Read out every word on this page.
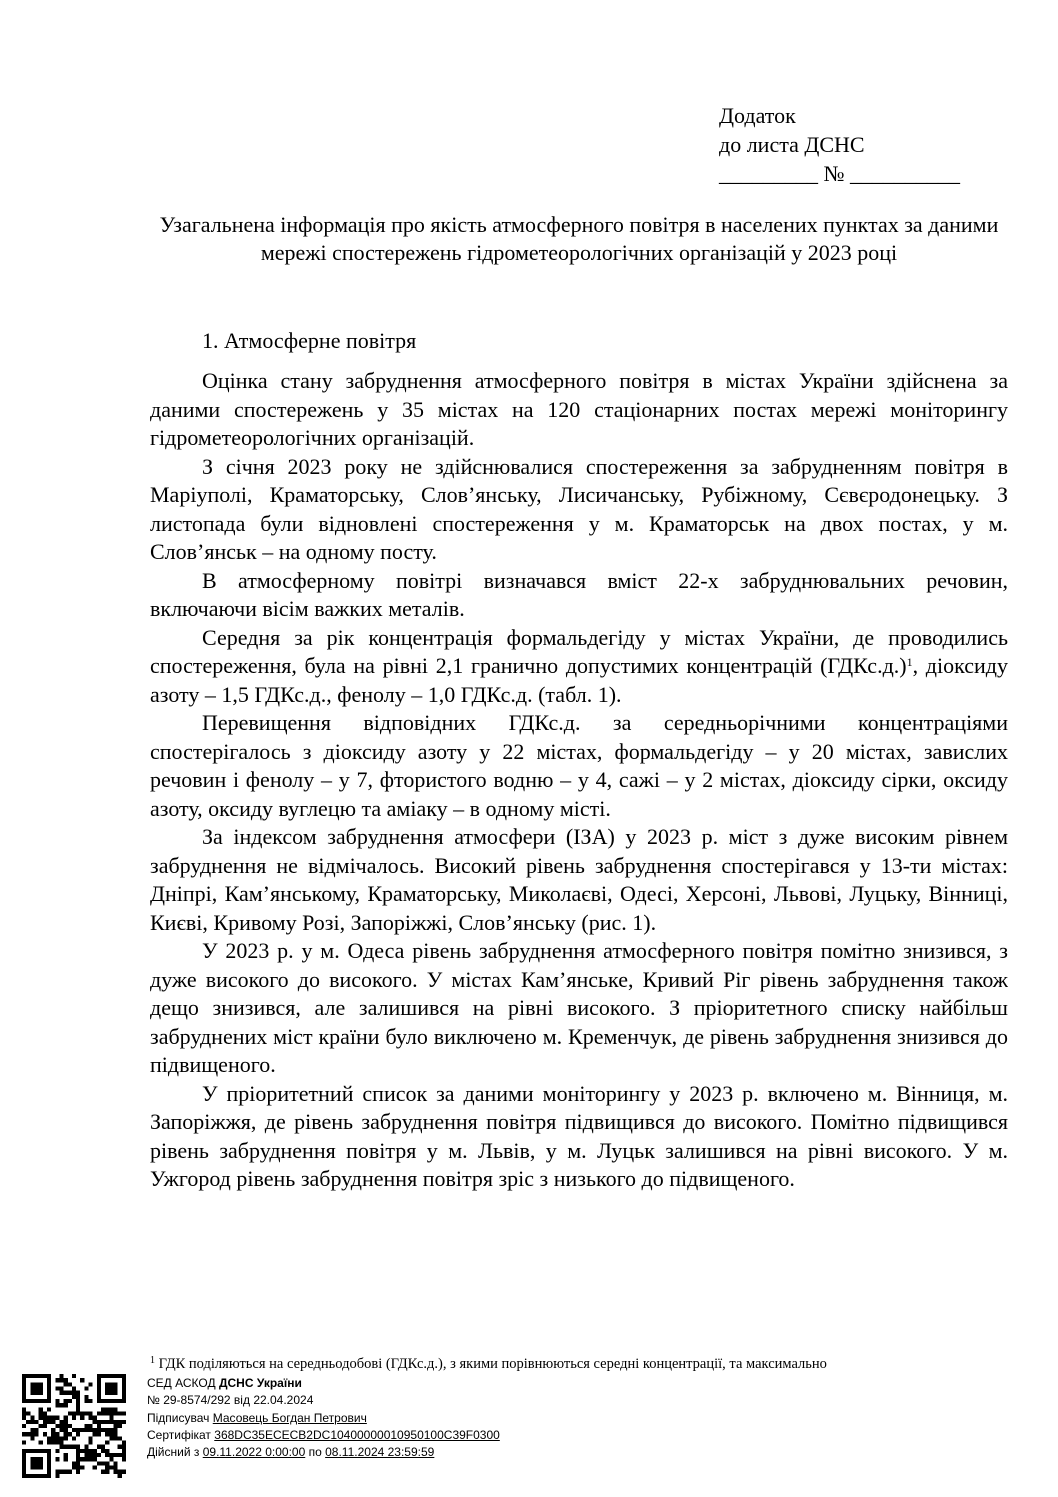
Додаток
до листа ДСНС
_________ № __________
Узагальнена інформація про якість атмосферного повітря в населених пунктах за даними мережі спостережень гідрометеорологічних організацій у 2023 році
1. Атмосферне повітря

Оцінка стану забруднення атмосферного повітря в містах України здійснена за даними спостережень у 35 містах на 120 стаціонарних постах мережі моніторингу гідрометеорологічних організацій.

З січня 2023 року не здійснювалися спостереження за забрудненням повітря в Маріуполі, Краматорську, Слов’янську, Лисичанську, Рубіжному, Сєвєродонецьку. З листопада були відновлені спостереження у м. Краматорськ на двох постах, у м. Слов’янськ – на одному посту.

В атмосферному повітрі визначався вміст 22-х забруднювальних речовин, включаючи вісім важких металів.

Середня за рік концентрація формальдегіду у містах України, де проводились спостереження, була на рівні 2,1 гранично допустимих концентрацій (ГДКс.д.)$^1$, діоксиду азоту – 1,5 ГДКс.д., фенолу – 1,0 ГДКс.д. (табл. 1).

Перевищення відповідних ГДКс.д. за середньорічними концентраціями спостерігалось з діоксиду азоту у 22 містах, формальдегіду – у 20 містах, завислих речовин і фенолу – у 7, фтористого водню – у 4, сажі – у 2 містах, діоксиду сірки, оксиду азоту, оксиду вуглецю та аміаку – в одному місті.

За індексом забруднення атмосфери (ІЗА) у 2023 р. міст з дуже високим рівнем забруднення не відмічалось. Високий рівень забруднення спостерігався у 13-ти містах: Дніпрі, Кам’янському, Краматорську, Миколаєві, Одесі, Херсоні, Львові, Луцьку, Вінниці, Києві, Кривому Розі, Запоріжжі, Слов’янську (рис. 1).

У 2023 р. у м. Одеса рівень забруднення атмосферного повітря помітно знизився, з дуже високого до високого. У містах Кам’янське, Кривий Ріг рівень забруднення також дещо знизився, але залишився на рівні високого. З пріоритетного списку найбільш забруднених міст країни було виключено м. Кременчук, де рівень забруднення знизився до підвищеного.

У пріоритетний список за даними моніторингу у 2023 р. включено м. Вінниця, м. Запоріжжя, де рівень забруднення повітря підвищився до високого. Помітно підвищився рівень забруднення повітря у м. Львів, у м. Луцьк залишився на рівні високого. У м. Ужгород рівень забруднення повітря зріс з низького до підвищеного.

$^1$ ГДК поділяються на середньодобові (ГДКс.д.), з якими порівнюються середні концентрації, та максимально
СЕД АСКОД ДСНС України
№ 29-8574/292 від 22.04.2024
Підписувач Масовець Богдан Петрович
Сертифікат 368DC35ECECB2DC10400000010950100C39F0300
Дійсний з 09.11.2022 0:00:00 по 08.11.2024 23:59:59
